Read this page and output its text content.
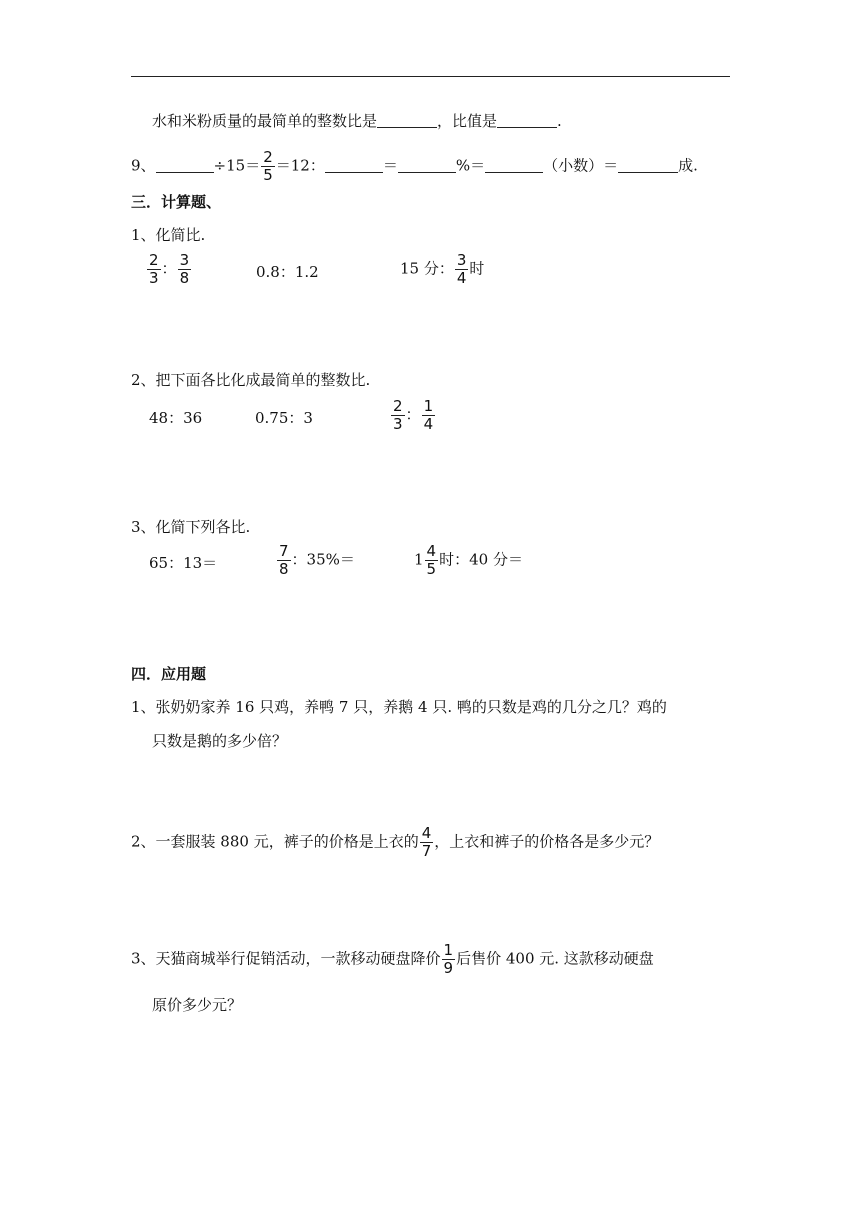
水和米粉质量的最简单的整数比是	，比值是	.
9、	$\div 15= \frac{2}{5} =12$：	＝	%＝	（小数）＝	成.
三．计算题、
1、化简比.
$\frac{2}{3}$ ： $\frac{3}{8}$	0.8：1.2	15 分： $\frac{3}{4}$ 时
2、把下面各比化成最简单的整数比.
48：36	0.75：3	$\frac{2}{3}$ ： $\frac{1}{4}$
3、化简下列各比.
65：13＝	$\frac{7}{8}$ ：35%＝	$1 \frac{4}{5}$ 时：40 分＝
四．应用题
1、张奶奶家养 16 只鸡，养鸭 7 只，养鹅 4 只. 鸭的只数是鸡的几分之几？鸡的
只数是鹅的多少倍？
2、一套服装 880 元，裤子的价格是上衣的 $\frac{4}{7}$ ，上衣和裤子的价格各是多少元？
3、天猫商城举行促销活动，一款移动硬盘降价 $\frac{1}{9}$ 后售价 400 元. 这款移动硬盘
原价多少元？
